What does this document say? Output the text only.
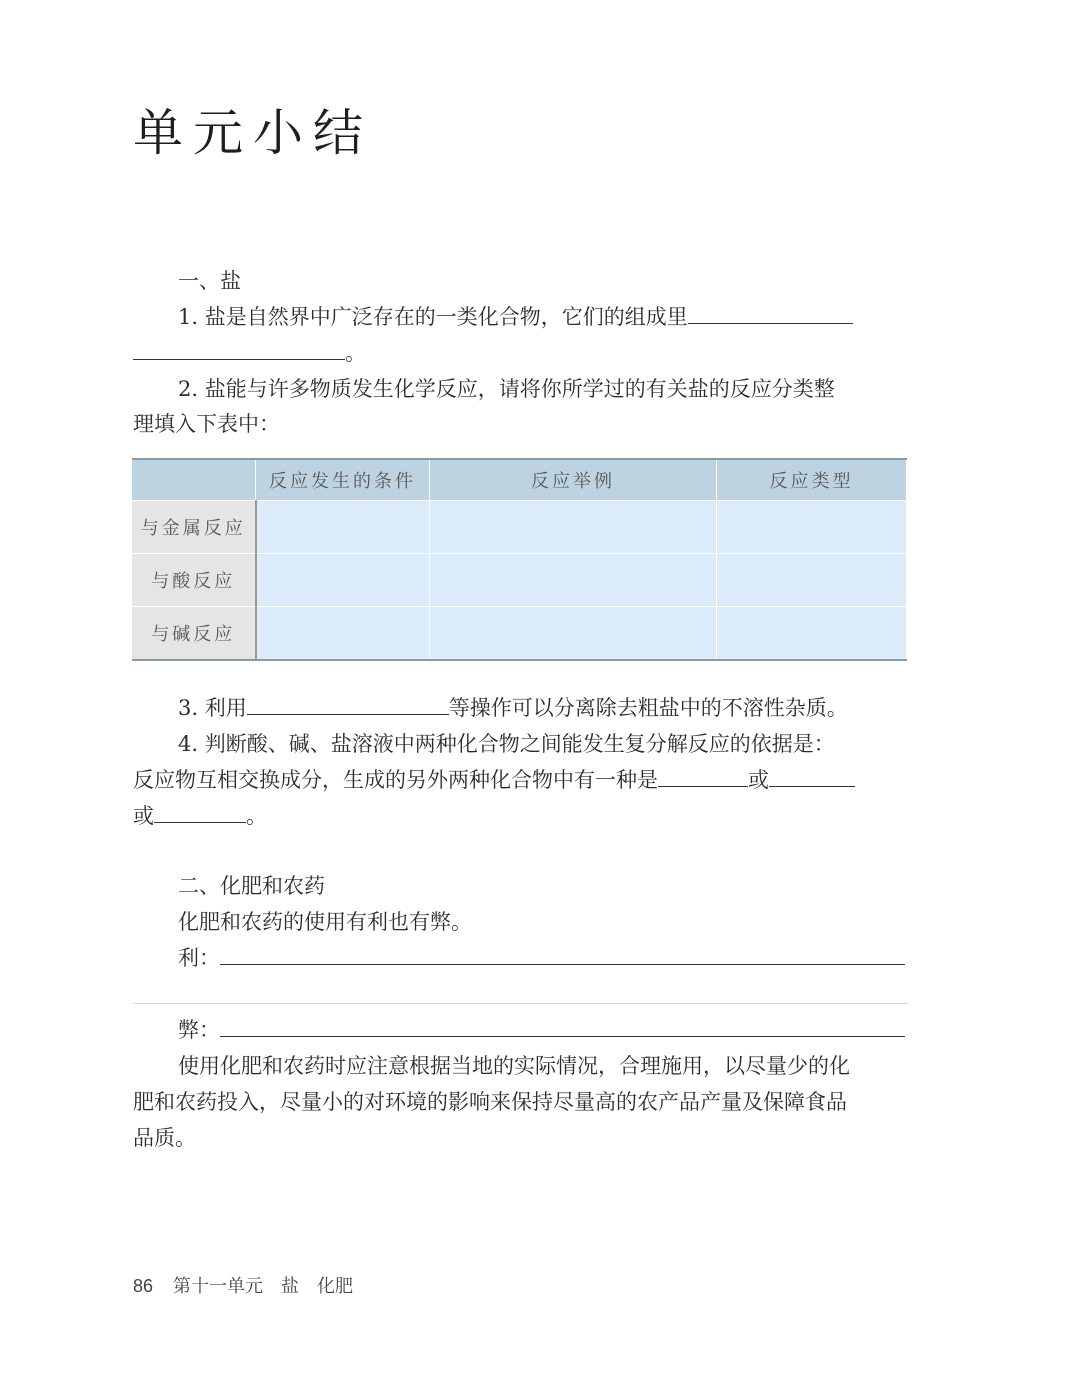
单元小结
一、盐
1. 盐是自然界中广泛存在的一类化合物，它们的组成里
。
2. 盐能与许多物质发生化学反应，请将你所学过的有关盐的反应分类整
理填入下表中：
	反应发生的条件	反应举例	反应类型
与金属反应			
与酸反应			
与碱反应			
3. 利用	等操作可以分离除去粗盐中的不溶性杂质。
4. 判断酸、碱、盐溶液中两种化合物之间能发生复分解反应的依据是：
反应物互相交换成分，生成的另外两种化合物中有一种是	或
或	。
二、化肥和农药
化肥和农药的使用有利也有弊。
利：
弊：
使用化肥和农药时应注意根据当地的实际情况，合理施用，以尽量少的化
肥和农药投入，尽量小的对环境的影响来保持尽量高的农产品产量及保障食品
品质。
86 第十一单元 盐 化肥
